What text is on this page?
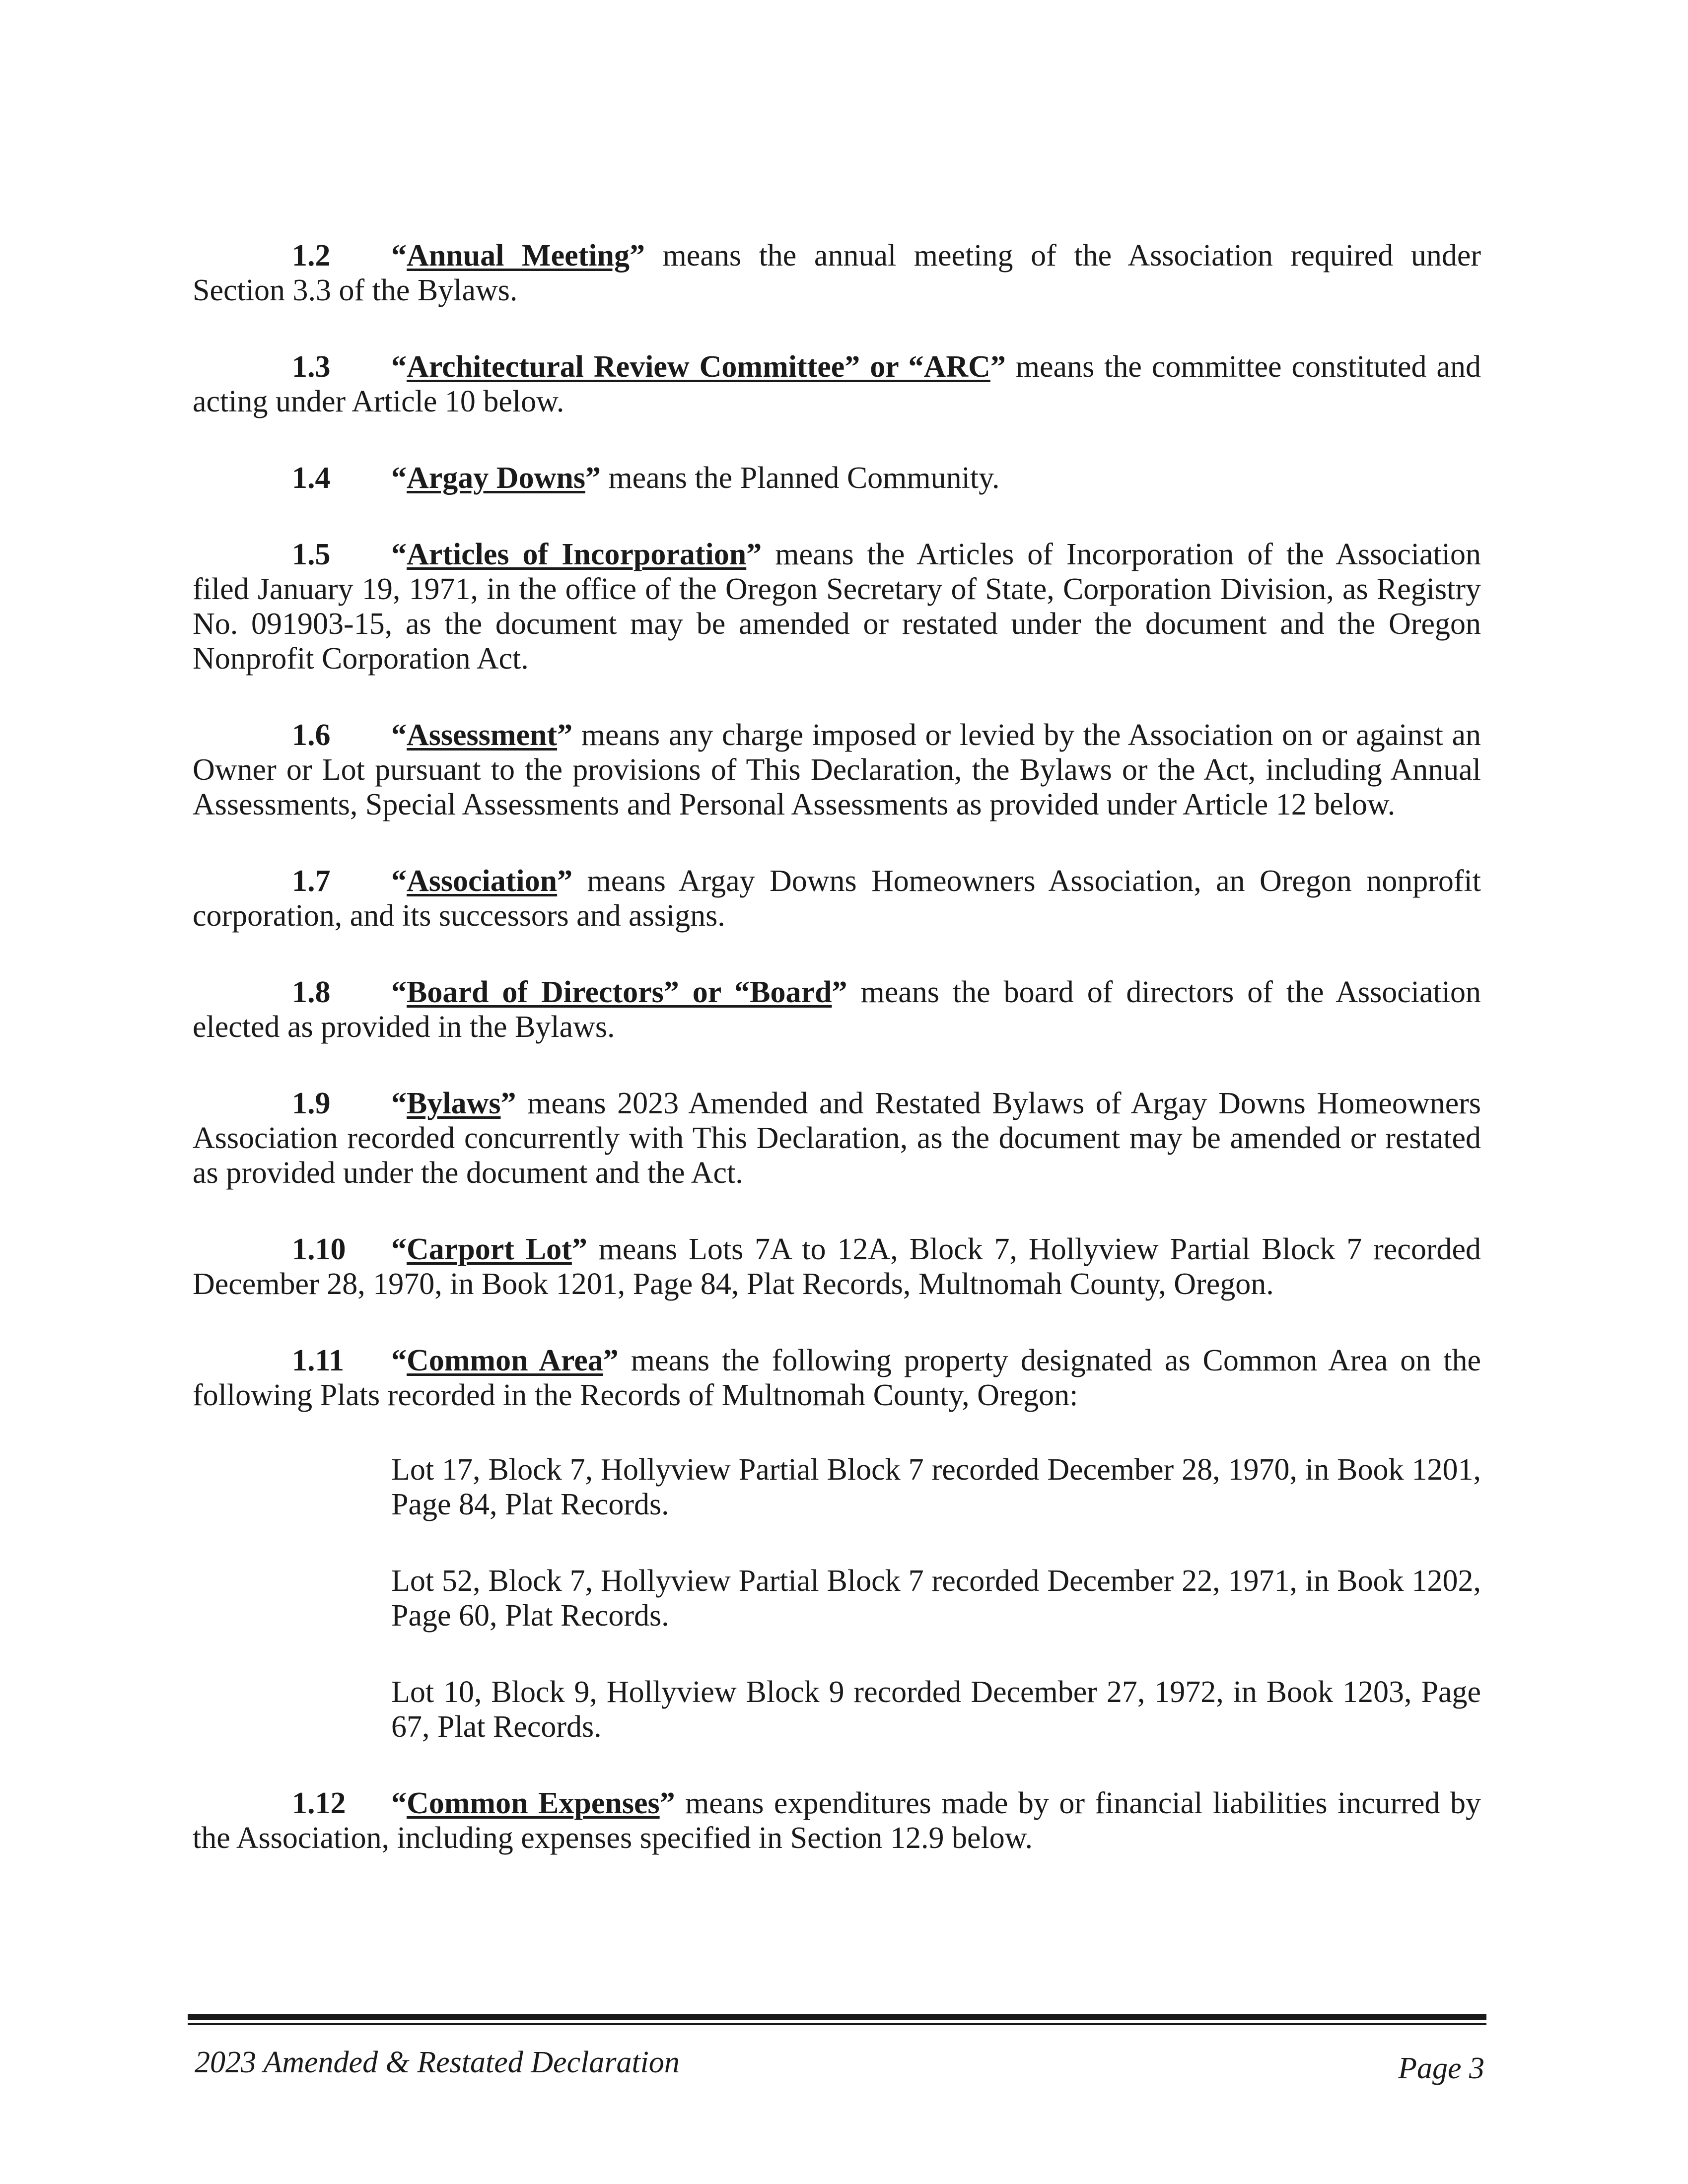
1.2 “Annual Meeting” means the annual meeting of the Association required under Section 3.3 of the Bylaws.

1.3 “Architectural Review Committee” or “ARC” means the committee constituted and acting under Article 10 below.

1.4 “Argay Downs” means the Planned Community.

1.5 “Articles of Incorporation” means the Articles of Incorporation of the Association filed January 19, 1971, in the office of the Oregon Secretary of State, Corporation Division, as Registry No. 091903-15, as the document may be amended or restated under the document and the Oregon Nonprofit Corporation Act.

1.6 “Assessment” means any charge imposed or levied by the Association on or against an Owner or Lot pursuant to the provisions of This Declaration, the Bylaws or the Act, including Annual Assessments, Special Assessments and Personal Assessments as provided under Article 12 below.

1.7 “Association” means Argay Downs Homeowners Association, an Oregon nonprofit corporation, and its successors and assigns.

1.8 “Board of Directors” or “Board” means the board of directors of the Association elected as provided in the Bylaws.

1.9 “Bylaws” means 2023 Amended and Restated Bylaws of Argay Downs Homeowners Association recorded concurrently with This Declaration, as the document may be amended or restated as provided under the document and the Act.

1.10 “Carport Lot” means Lots 7A to 12A, Block 7, Hollyview Partial Block 7 recorded December 28, 1970, in Book 1201, Page 84, Plat Records, Multnomah County, Oregon.

1.11 “Common Area” means the following property designated as Common Area on the following Plats recorded in the Records of Multnomah County, Oregon:

Lot 17, Block 7, Hollyview Partial Block 7 recorded December 28, 1970, in Book 1201, Page 84, Plat Records.

Lot 52, Block 7, Hollyview Partial Block 7 recorded December 22, 1971, in Book 1202, Page 60, Plat Records.

Lot 10, Block 9, Hollyview Block 9 recorded December 27, 1972, in Book 1203, Page 67, Plat Records.

1.12 “Common Expenses” means expenditures made by or financial liabilities incurred by the Association, including expenses specified in Section 12.9 below.

2023 Amended & Restated Declaration	Page 3
